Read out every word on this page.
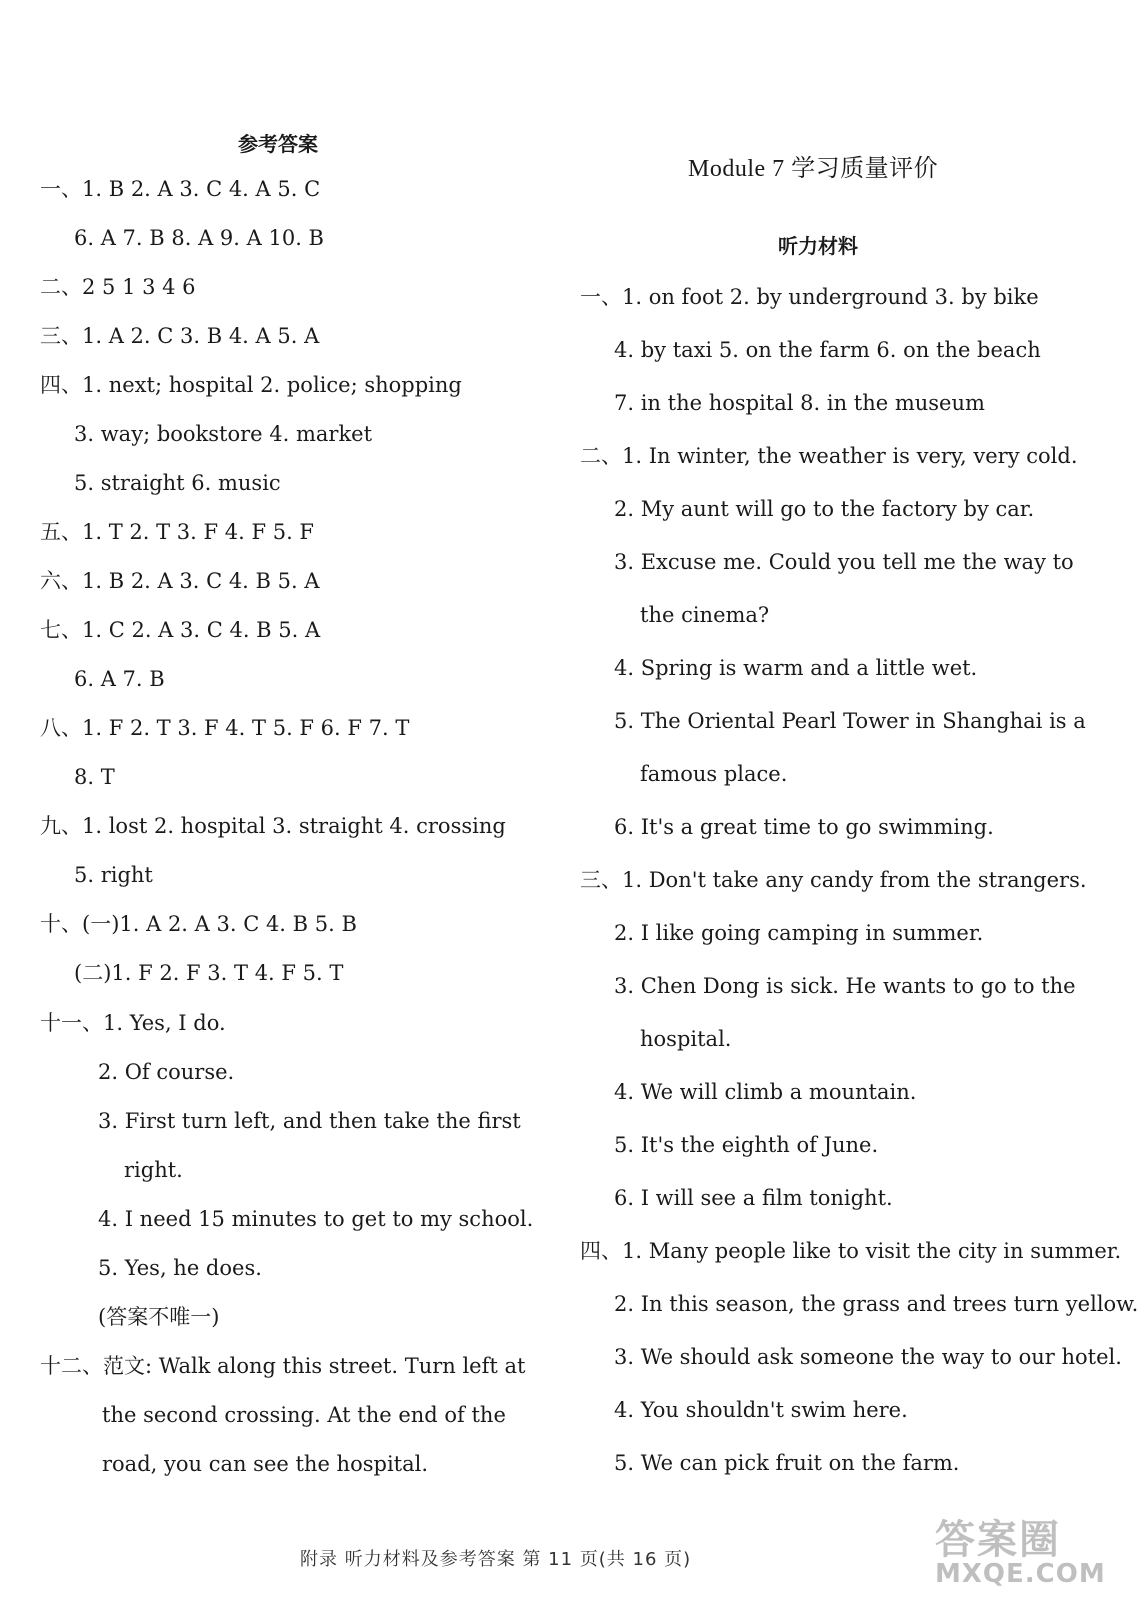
参考答案
一、1. B 2. A 3. C 4. A 5. C
6. A 7. B 8. A 9. A 10. B
二、2 5 1 3 4 6
三、1. A 2. C 3. B 4. A 5. A
四、1. next; hospital 2. police; shopping
3. way; bookstore 4. market
5. straight 6. music
五、1. T 2. T 3. F 4. F 5. F
六、1. B 2. A 3. C 4. B 5. A
七、1. C 2. A 3. C 4. B 5. A
6. A 7. B
八、1. F 2. T 3. F 4. T 5. F 6. F 7. T
8. T
九、1. lost 2. hospital 3. straight 4. crossing
5. right
十、(一)1. A 2. A 3. C 4. B 5. B
(二)1. F 2. F 3. T 4. F 5. T
十一、1. Yes, I do.
2. Of course.
3. First turn left, and then take the first
right.
4. I need 15 minutes to get to my school.
5. Yes, he does.
(答案不唯一)
十二、范文: Walk along this street. Turn left at
the second crossing. At the end of the
road, you can see the hospital.
Module 7 学习质量评价
听力材料
一、1. on foot 2. by underground 3. by bike
4. by taxi 5. on the farm 6. on the beach
7. in the hospital 8. in the museum
二、1. In winter, the weather is very, very cold.
2. My aunt will go to the factory by car.
3. Excuse me. Could you tell me the way to
the cinema?
4. Spring is warm and a little wet.
5. The Oriental Pearl Tower in Shanghai is a
famous place.
6. It's a great time to go swimming.
三、1. Don't take any candy from the strangers.
2. I like going camping in summer.
3. Chen Dong is sick. He wants to go to the
hospital.
4. We will climb a mountain.
5. It's the eighth of June.
6. I will see a film tonight.
四、1. Many people like to visit the city in summer.
2. In this season, the grass and trees turn yellow.
3. We should ask someone the way to our hotel.
4. You shouldn't swim here.
5. We can pick fruit on the farm.
附录 听力材料及参考答案 第 11 页(共 16 页)	答案圈
MXQE.COM
